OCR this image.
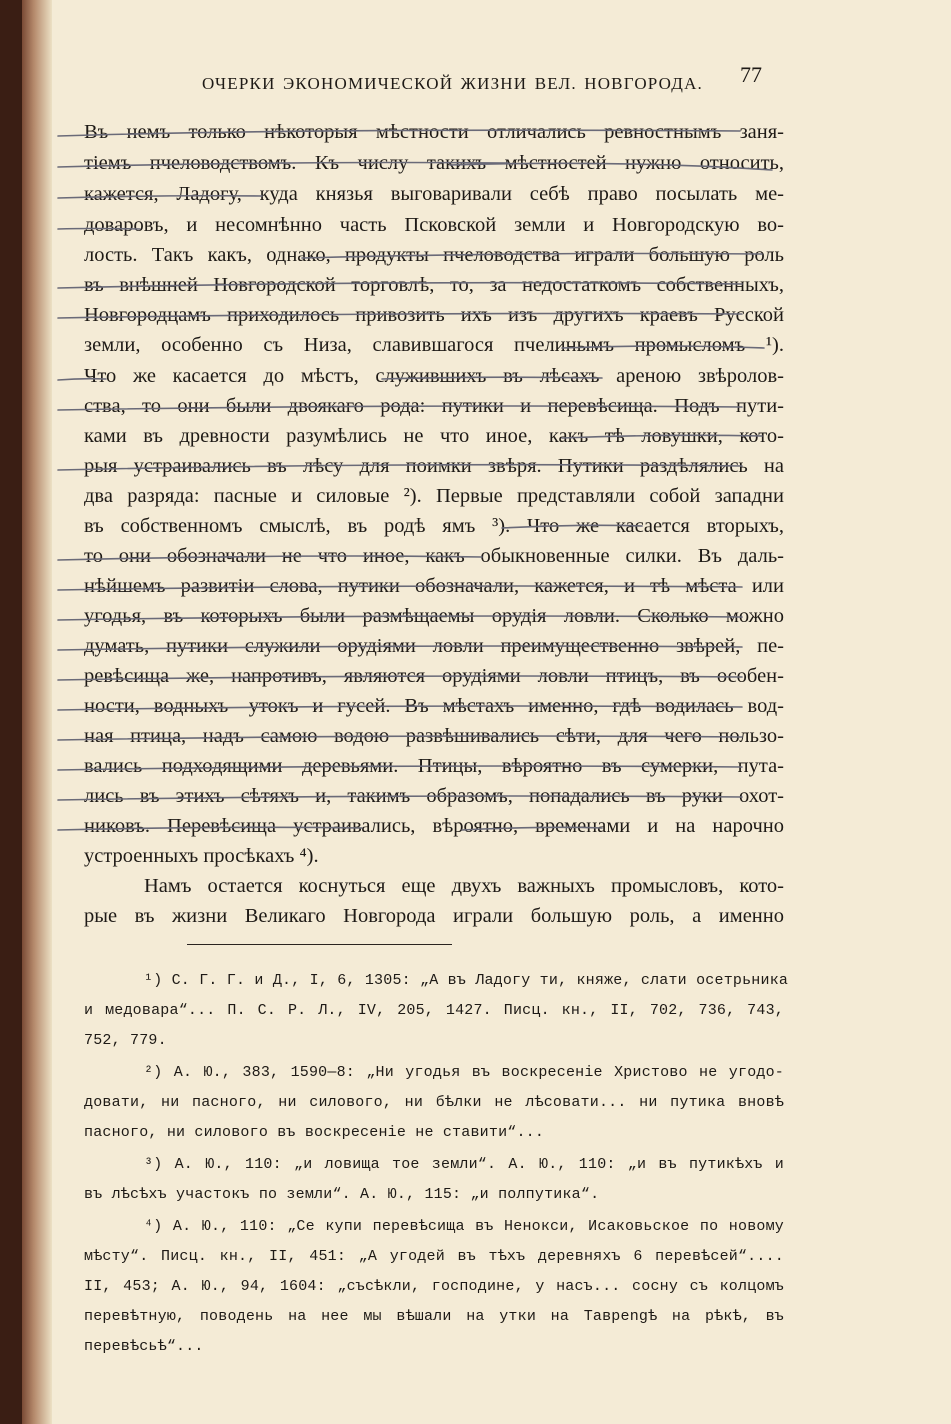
ОЧЕРКИ ЭКОНОМИЧЕСКОЙ ЖИЗНИ ВЕЛ. НОВГОРОДА. 77
Въ немъ только нѣкоторыя мѣстности отличались ревностнымъ заня-
тіемъ пчеловодствомъ. Къ числу такихъ мѣстностей нужно относить,
кажется, Ладогу, куда князья выговаривали себѣ право посылать ме-
доваровъ, и несомнѣнно часть Псковской земли и Новгородскую во-
лость. Такъ какъ, однако, продукты пчеловодства играли большую роль
въ внѣшней Новгородской торговлѣ, то, за недостаткомъ собственныхъ,
Новгородцамъ приходилось привозить ихъ изъ другихъ краевъ Русской
земли, особенно съ Низа, славившагося пчелинымъ промысломъ ¹).
Что же касается до мѣстъ, служившихъ въ лѣсахъ ареною звѣролов-
ства, то они были двоякаго рода: путики и перевѣсища. Подъ пути-
ками въ древности разумѣлись не что иное, какъ тѣ ловушки, кото-
рыя устраивались въ лѣсу для поимки звѣря. Путики раздѣлялись на
два разряда: пасные и силовые ²). Первые представляли собой западни
въ собственномъ смыслѣ, въ родѣ ямъ ³). Что же касается вторыхъ,
то они обозначали не что иное, какъ обыкновенные силки. Въ даль-
нѣйшемъ развитіи слова, путики обозначали, кажется, и тѣ мѣста или
угодья, въ которыхъ были размѣщаемы орудія ловли. Сколько можно
думать, путики служили орудіями ловли преимущественно звѣрей, пе-
ревѣсища же, напротивъ, являются орудіями ловли птицъ, въ особен-
ности, водныхъ—утокъ и гусей. Въ мѣстахъ именно, гдѣ водилась вод-
ная птица, надъ самою водою развѣшивались сѣти, для чего пользо-
вались подходящими деревьями. Птицы, вѣроятно въ сумерки, пута-
лись въ этихъ сѣтяхъ и, такимъ образомъ, попадались въ руки охот-
никовъ. Перевѣсища устраивались, вѣроятно, временами и на нарочно
устроенныхъ просѣкахъ ⁴).
Намъ остается коснуться еще двухъ важныхъ промысловъ, кото-
рые въ жизни Великаго Новгорода играли большую роль, а именно
¹) С. Г. Г. и Д., I, 6, 1305: „А въ Ладогу ти, княже, слати осетрьника
и медовара“... П. С. Р. Л., IV, 205, 1427. Писц. кн., II, 702, 736, 743,
752, 779.
²) А. Ю., 383, 1590—8: „Ни угодья въ воскресеніе Христово не угодо-
довати, ни пасного, ни силового, ни бѣлки не лѣсовати... ни путика вновѣ
пасного, ни силового въ воскресеніе не ставити“...
³) А. Ю., 110: „и ловища тое земли“. А. Ю., 110: „и въ путикѣхъ и
въ лѣсѣхъ участокъ по земли“. А. Ю., 115: „и полпутика“.
⁴) А. Ю., 110: „Се купи перевѣсища въ Ненокси, Исаковьское по новому
мѣсту“. Писц. кн., II, 451: „А угодей въ тѣхъ деревняхъ 6 перевѣсей“....
II, 453; А. Ю., 94, 1604: „съсѣкли, господине, у насъ... сосну съ колцомъ
перевѣтную, поводень на нее мы вѣшали на утки на Таврengѣ на рѣкѣ, въ
перевѣсьѣ“...
